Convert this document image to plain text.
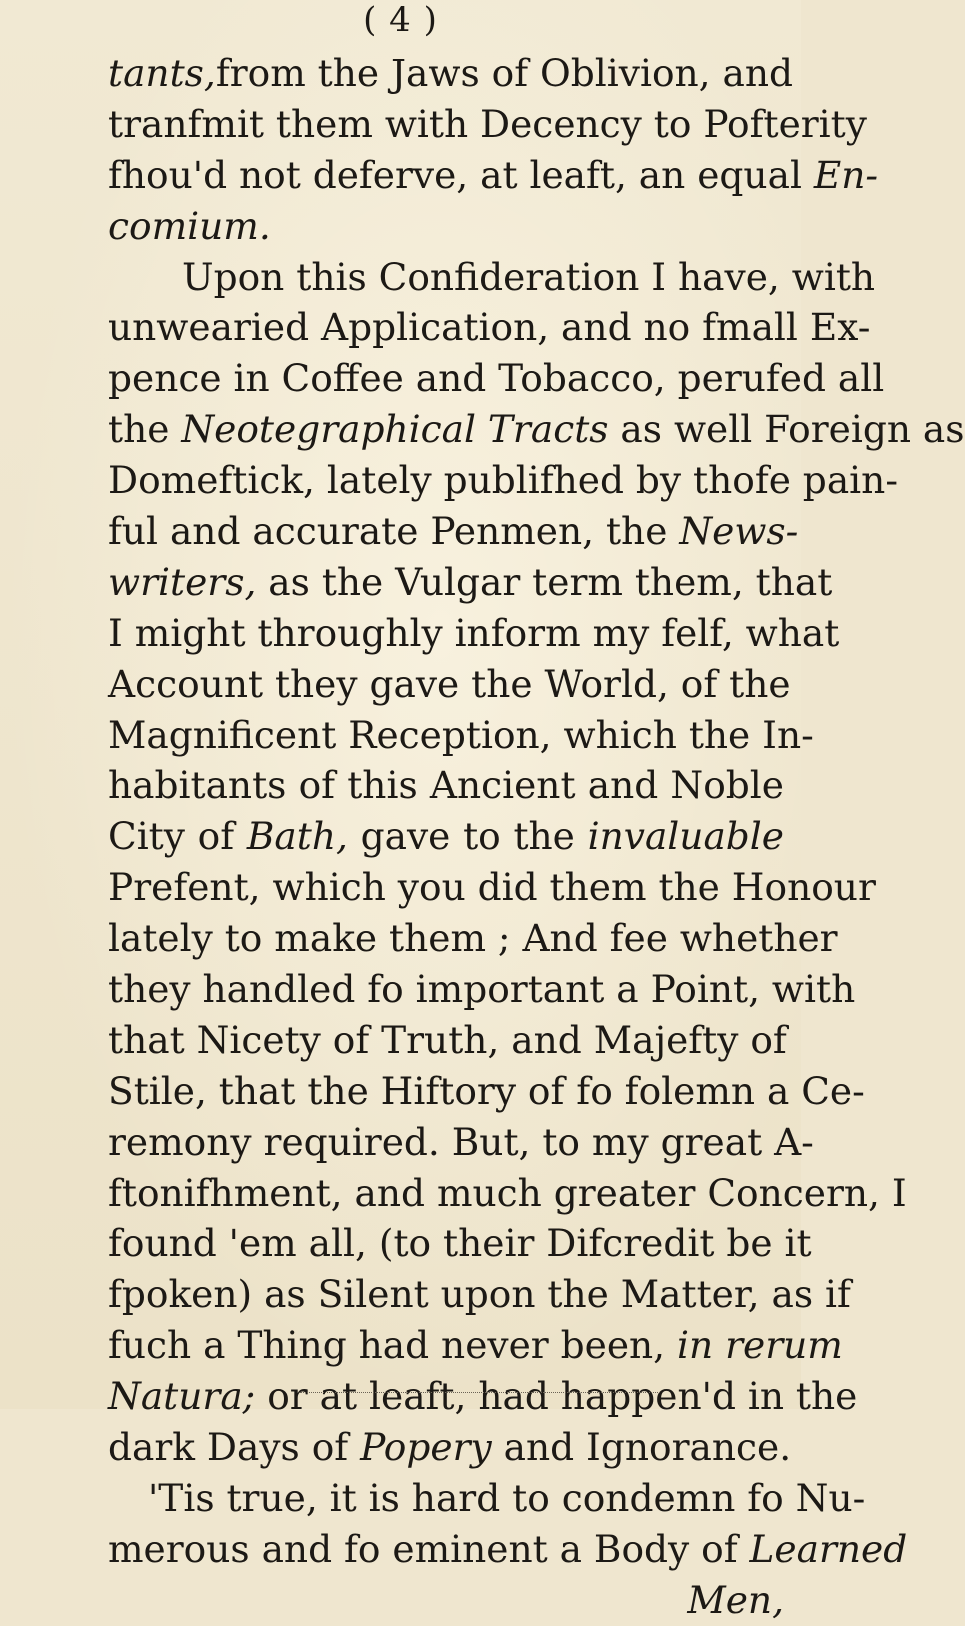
( 4 )
tants,from the Jaws of Oblivion, and
tranfmit them with Decency to Pofterity
fhou'd not deferve, at leaft, an equal En-
comium.
Upon this Confideration I have, with
unwearied Application, and no fmall Ex-
pence in Coffee and Tobacco, perufed all
the Neotegraphical Tracts as well Foreign as
Domeftick, lately publifhed by thofe pain-
ful and accurate Penmen, the News-
writers, as the Vulgar term them, that
I might throughly inform my felf, what
Account they gave the World, of the
Magnificent Reception, which the In-
habitants of this Ancient and Noble
City of Bath, gave to the invaluable
Prefent, which you did them the Honour
lately to make them ; And fee whether
they handled fo important a Point, with
that Nicety of Truth, and Majefty of
Stile, that the Hiftory of fo folemn a Ce-
remony required. But, to my great A-
ftonifhment, and much greater Concern, I
found 'em all, (to their Difcredit be it
fpoken) as Silent upon the Matter, as if
fuch a Thing had never been, in rerum
Natura; or at leaft, had happen'd in the
dark Days of Popery and Ignorance.
'Tis true, it is hard to condemn fo Nu-
merous and fo eminent a Body of Learned
Men,
